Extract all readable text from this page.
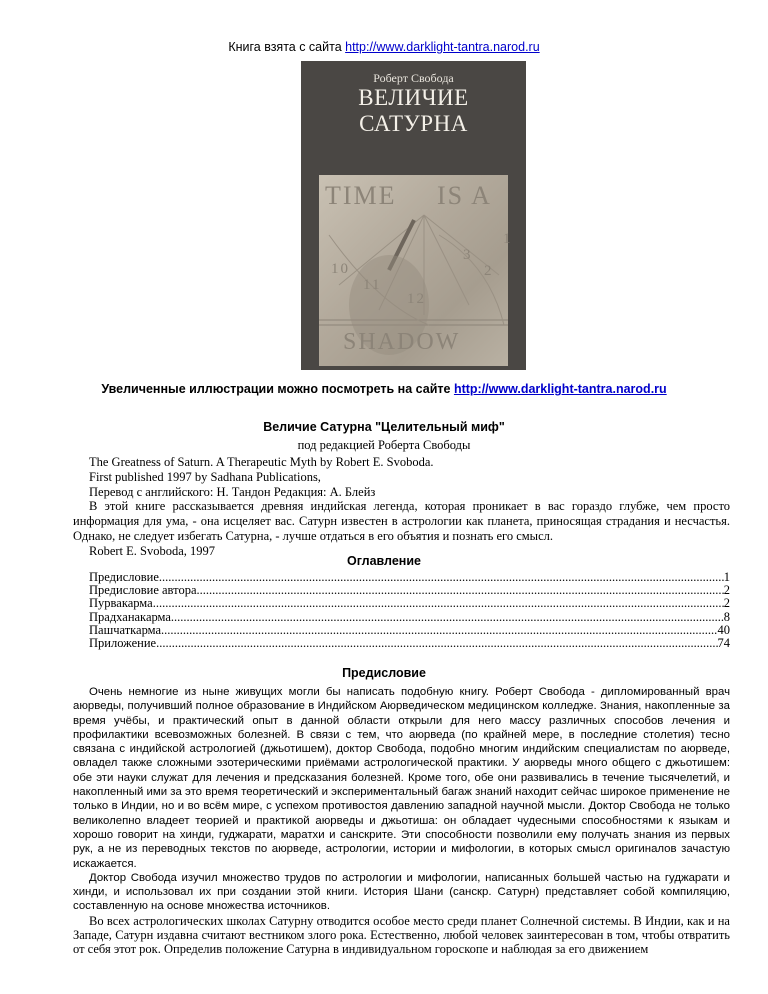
Книга взята с сайта http://www.darklight-tantra.narod.ru
Роберт Свобода
ВЕЛИЧИЕ САТУРНА
TIME IS A
SHADOW
10
11
12
1
2
3
Увеличенные иллюстрации можно посмотреть на сайте http://www.darklight-tantra.narod.ru
Величие Сатурна "Целительный миф"
под редакцией Роберта Свободы

The Greatness of Saturn. A Therapeutic Myth by Robert E. Svoboda.

First published 1997 by Sadhana Publications,

Перевод с английского: Н. Тандон Редакция: А. Блейз

В этой книге рассказывается древняя индийская легенда, которая проникает в вас гораздо глубже, чем просто информация для ума, - она исцеляет вас. Сатурн известен в астрологии как планета, приносящая страдания и несчастья. Однако, не следует избегать Сатурна, - лучше отдаться в его объятия и познать его смысл.

Robert E. Svoboda, 1997

Оглавление
Предисловие .....	1
Предисловие автора .....	2
Пурвакарма .....	2
Прадханакарма .....	8
Пашчаткарма .....	40
Приложение .....	74
Предисловие

Очень немногие из ныне живущих могли бы написать подобную книгу. Роберт Свобода - дипломированный врач аюрведы, получивший полное образование в Индийском Аюрведическом медицинском колледже. Знания, накопленные за время учёбы, и практический опыт в данной области открыли для него массу различных способов лечения и профилактики всевозможных болезней. В связи с тем, что аюрведа (по крайней мере, в последние столетия) тесно связана с индийской астрологией (джьотишем), доктор Свобода, подобно многим индийским специалистам по аюрведе, овладел также сложными эзотерическими приёмами астрологической практики. У аюрведы много общего с джьотишем: обе эти науки служат для лечения и предсказания болезней. Кроме того, обе они развивались в течение тысячелетий, и накопленный ими за это время теоретический и экспериментальный багаж знаний находит сейчас широкое применение не только в Индии, но и во всём мире, с успехом противостоя давлению западной научной мысли. Доктор Свобода не только великолепно владеет теорией и практикой аюрведы и джьотиша: он обладает чудесными способностями к языкам и хорошо говорит на хинди, гуджарати, маратхи и санскрите. Эти способности позволили ему получать знания из первых рук, а не из переводных текстов по аюрведе, астрологии, истории и мифологии, в которых смысл оригиналов зачастую искажается.

Доктор Свобода изучил множество трудов по астрологии и мифологии, написанных большей частью на гуджарати и хинди, и использовал их при создании этой книги. История Шани (санскр. Сатурн) представляет собой компиляцию, составленную на основе множества источников.

Во всех астрологических школах Сатурну отводится особое место среди планет Солнечной системы. В Индии, как и на Западе, Сатурн издавна считают вестником злого рока. Естественно, любой человек заинтересован в том, чтобы отвратить от себя этот рок. Определив положение Сатурна в индивидуальном гороскопе и наблюдая за его движением
